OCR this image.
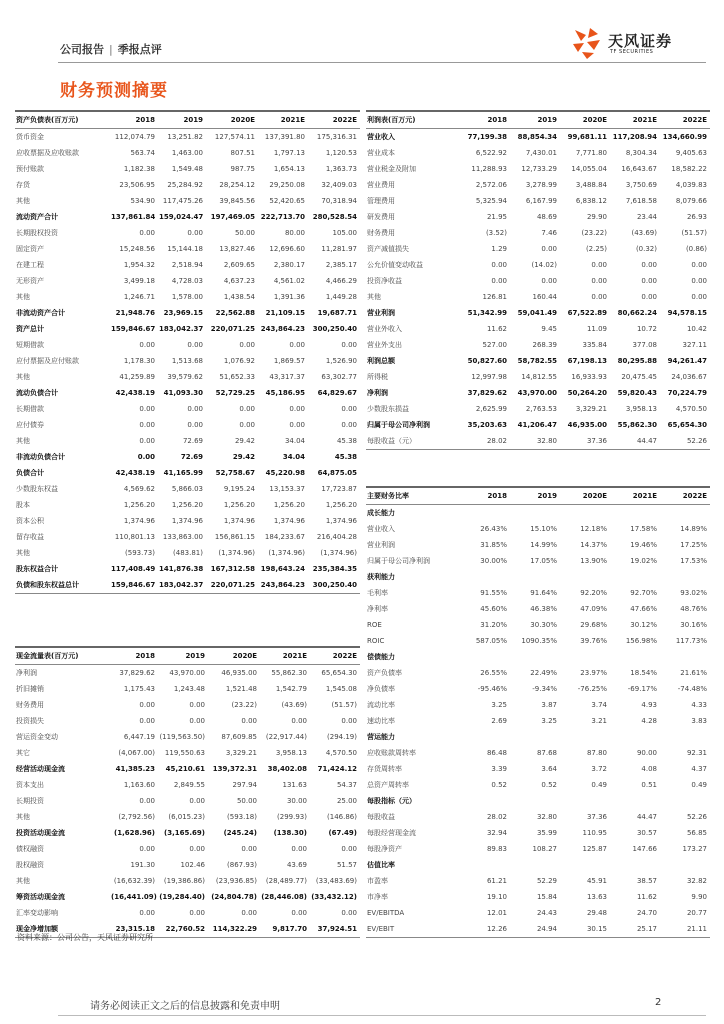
公司报告 | 季报点评	天风证券
TF SECURITIES
财务预测摘要
资产负债表(百万元)	2018	2019	2020E	2021E	2022E
货币资金	112,074.79	13,251.82	127,574.11	137,391.80	175,316.31
应收票据及应收账款	563.74	1,463.00	807.51	1,797.13	1,120.53
预付账款	1,182.38	1,549.48	987.75	1,654.13	1,363.73
存货	23,506.95	25,284.92	28,254.12	29,250.08	32,409.03
其他	534.90	117,475.26	39,845.56	52,420.65	70,318.94
流动资产合计	137,861.84	159,024.47	197,469.05	222,713.70	280,528.54
长期股权投资	0.00	0.00	50.00	80.00	105.00
固定资产	15,248.56	15,144.18	13,827.46	12,696.60	11,281.97
在建工程	1,954.32	2,518.94	2,609.65	2,380.17	2,385.17
无形资产	3,499.18	4,728.03	4,637.23	4,561.02	4,466.29
其他	1,246.71	1,578.00	1,438.54	1,391.36	1,449.28
非流动资产合计	21,948.76	23,969.15	22,562.88	21,109.15	19,687.71
资产总计	159,846.67	183,042.37	220,071.25	243,864.23	300,250.40
短期借款	0.00	0.00	0.00	0.00	0.00
应付票据及应付账款	1,178.30	1,513.68	1,076.92	1,869.57	1,526.90
其他	41,259.89	39,579.62	51,652.33	43,317.37	63,302.77
流动负债合计	42,438.19	41,093.30	52,729.25	45,186.95	64,829.67
长期借款	0.00	0.00	0.00	0.00	0.00
应付债券	0.00	0.00	0.00	0.00	0.00
其他	0.00	72.69	29.42	34.04	45.38
非流动负债合计	0.00	72.69	29.42	34.04	45.38
负债合计	42,438.19	41,165.99	52,758.67	45,220.98	64,875.05
少数股东权益	4,569.62	5,866.03	9,195.24	13,153.37	17,723.87
股本	1,256.20	1,256.20	1,256.20	1,256.20	1,256.20
资本公积	1,374.96	1,374.96	1,374.96	1,374.96	1,374.96
留存收益	110,801.13	133,863.00	156,861.15	184,233.67	216,404.28
其他	(593.73)	(483.81)	(1,374.96)	(1,374.96)	(1,374.96)
股东权益合计	117,408.49	141,876.38	167,312.58	198,643.24	235,384.35
负债和股东权益总计	159,846.67	183,042.37	220,071.25	243,864.23	300,250.40
利润表(百万元)	2018	2019	2020E	2021E	2022E
营业收入	77,199.38	88,854.34	99,681.11	117,208.94	134,660.99
营业成本	6,522.92	7,430.01	7,771.80	8,304.34	9,405.63
营业税金及附加	11,288.93	12,733.29	14,055.04	16,643.67	18,582.22
营业费用	2,572.06	3,278.99	3,488.84	3,750.69	4,039.83
管理费用	5,325.94	6,167.99	6,838.12	7,618.58	8,079.66
研发费用	21.95	48.69	29.90	23.44	26.93
财务费用	(3.52)	7.46	(23.22)	(43.69)	(51.57)
资产减值损失	1.29	0.00	(2.25)	(0.32)	(0.86)
公允价值变动收益	0.00	(14.02)	0.00	0.00	0.00
投资净收益	0.00	0.00	0.00	0.00	0.00
其他	126.81	160.44	0.00	0.00	0.00
营业利润	51,342.99	59,041.49	67,522.89	80,662.24	94,578.15
营业外收入	11.62	9.45	11.09	10.72	10.42
营业外支出	527.00	268.39	335.84	377.08	327.11
利润总额	50,827.60	58,782.55	67,198.13	80,295.88	94,261.47
所得税	12,997.98	14,812.55	16,933.93	20,475.45	24,036.67
净利润	37,829.62	43,970.00	50,264.20	59,820.43	70,224.79
少数股东损益	2,625.99	2,763.53	3,329.21	3,958.13	4,570.50
归属于母公司净利润	35,203.63	41,206.47	46,935.00	55,862.30	65,654.30
每股收益（元）	28.02	32.80	37.36	44.47	52.26
主要财务比率	2018	2019	2020E	2021E	2022E
成长能力					
营业收入	26.43%	15.10%	12.18%	17.58%	14.89%
营业利润	31.85%	14.99%	14.37%	19.46%	17.25%
归属于母公司净利润	30.00%	17.05%	13.90%	19.02%	17.53%
获利能力					
毛利率	91.55%	91.64%	92.20%	92.70%	93.02%
净利率	45.60%	46.38%	47.09%	47.66%	48.76%
ROE	31.20%	30.30%	29.68%	30.12%	30.16%
ROIC	587.05%	1090.35%	39.76%	156.98%	117.73%
偿债能力					
资产负债率	26.55%	22.49%	23.97%	18.54%	21.61%
净负债率	-95.46%	-9.34%	-76.25%	-69.17%	-74.48%
流动比率	3.25	3.87	3.74	4.93	4.33
速动比率	2.69	3.25	3.21	4.28	3.83
营运能力					
应收账款周转率	86.48	87.68	87.80	90.00	92.31
存货周转率	3.39	3.64	3.72	4.08	4.37
总资产周转率	0.52	0.52	0.49	0.51	0.49
每股指标（元）					
每股收益	28.02	32.80	37.36	44.47	52.26
每股经营现金流	32.94	35.99	110.95	30.57	56.85
每股净资产	89.83	108.27	125.87	147.66	173.27
估值比率					
市盈率	61.21	52.29	45.91	38.57	32.82
市净率	19.10	15.84	13.63	11.62	9.90
EV/EBITDA	12.01	24.43	29.48	24.70	20.77
EV/EBIT	12.26	24.94	30.15	25.17	21.11
现金流量表(百万元)	2018	2019	2020E	2021E	2022E
净利润	37,829.62	43,970.00	46,935.00	55,862.30	65,654.30
折旧摊销	1,175.43	1,243.48	1,521.48	1,542.79	1,545.08
财务费用	0.00	0.00	(23.22)	(43.69)	(51.57)
投资损失	0.00	0.00	0.00	0.00	0.00
营运资金变动	6,447.19	(119,563.50)	87,609.85	(22,917.44)	(294.19)
其它	(4,067.00)	119,550.63	3,329.21	3,958.13	4,570.50
经营活动现金流	41,385.23	45,210.61	139,372.31	38,402.08	71,424.12
资本支出	1,163.60	2,849.55	297.94	131.63	54.37
长期投资	0.00	0.00	50.00	30.00	25.00
其他	(2,792.56)	(6,015.23)	(593.18)	(299.93)	(146.86)
投资活动现金流	(1,628.96)	(3,165.69)	(245.24)	(138.30)	(67.49)
债权融资	0.00	0.00	0.00	0.00	0.00
股权融资	191.30	102.46	(867.93)	43.69	51.57
其他	(16,632.39)	(19,386.86)	(23,936.85)	(28,489.77)	(33,483.69)
筹资活动现金流	(16,441.09)	(19,284.40)	(24,804.78)	(28,446.08)	(33,432.12)
汇率变动影响	0.00	0.00	0.00	0.00	0.00
现金净增加额	23,315.18	22,760.52	114,322.29	9,817.70	37,924.51
资料来源：公司公告，天风证券研究所
请务必阅读正文之后的信息披露和免责申明	2
